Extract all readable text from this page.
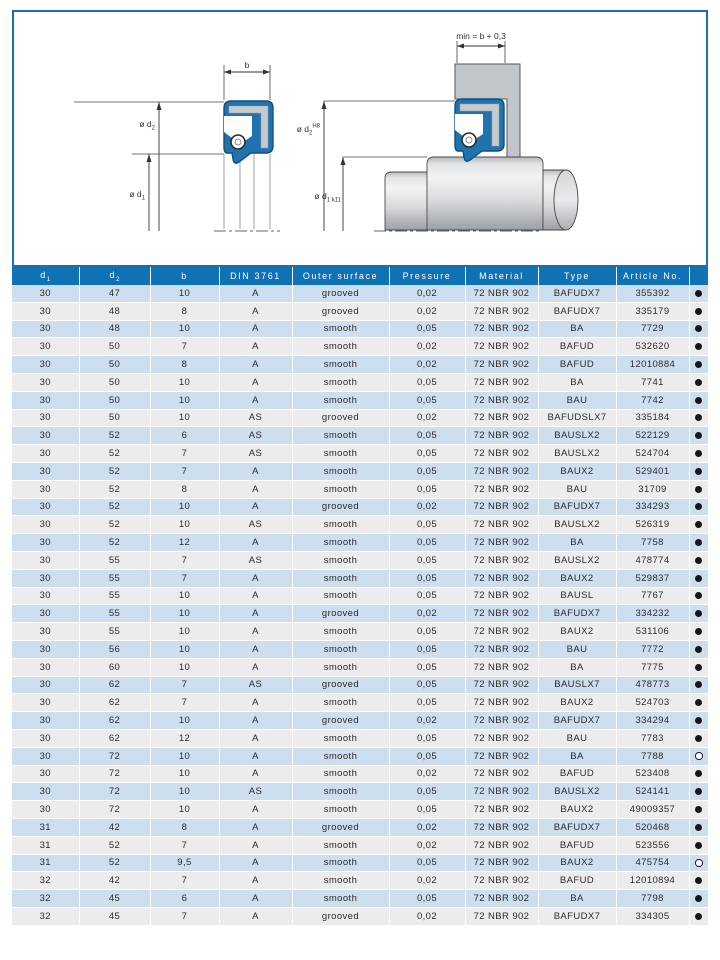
b
ø $d_2$
ø $d_1$
min = b + 0,3
ø $d_2^{H8}$
ø $d_{1 k11}$
$d_1$	$d_2$	b	DIN 3761	Outer surface	Pressure	Material	Type	Article No.	
30	47	10	A	grooved	0,02	72 NBR 902	BAFUDX7	355392	
30	48	8	A	grooved	0,02	72 NBR 902	BAFUDX7	335179	
30	48	10	A	smooth	0,05	72 NBR 902	BA	7729	
30	50	7	A	smooth	0,02	72 NBR 902	BAFUD	532620	
30	50	8	A	smooth	0,02	72 NBR 902	BAFUD	12010884	
30	50	10	A	smooth	0,05	72 NBR 902	BA	7741	
30	50	10	A	smooth	0,05	72 NBR 902	BAU	7742	
30	50	10	AS	grooved	0,02	72 NBR 902	BAFUDSLX7	335184	
30	52	6	AS	smooth	0,05	72 NBR 902	BAUSLX2	522129	
30	52	7	AS	smooth	0,05	72 NBR 902	BAUSLX2	524704	
30	52	7	A	smooth	0,05	72 NBR 902	BAUX2	529401	
30	52	8	A	smooth	0,05	72 NBR 902	BAU	31709	
30	52	10	A	grooved	0,02	72 NBR 902	BAFUDX7	334293	
30	52	10	AS	smooth	0,05	72 NBR 902	BAUSLX2	526319	
30	52	12	A	smooth	0,05	72 NBR 902	BA	7758	
30	55	7	AS	smooth	0,05	72 NBR 902	BAUSLX2	478774	
30	55	7	A	smooth	0,05	72 NBR 902	BAUX2	529837	
30	55	10	A	smooth	0,05	72 NBR 902	BAUSL	7767	
30	55	10	A	grooved	0,02	72 NBR 902	BAFUDX7	334232	
30	55	10	A	smooth	0,05	72 NBR 902	BAUX2	531106	
30	56	10	A	smooth	0,05	72 NBR 902	BAU	7772	
30	60	10	A	smooth	0,05	72 NBR 902	BA	7775	
30	62	7	AS	grooved	0,05	72 NBR 902	BAUSLX7	478773	
30	62	7	A	smooth	0,05	72 NBR 902	BAUX2	524703	
30	62	10	A	grooved	0,02	72 NBR 902	BAFUDX7	334294	
30	62	12	A	smooth	0,05	72 NBR 902	BAU	7783	
30	72	10	A	smooth	0,05	72 NBR 902	BA	7788	
30	72	10	A	smooth	0,02	72 NBR 902	BAFUD	523408	
30	72	10	AS	smooth	0,05	72 NBR 902	BAUSLX2	524141	
30	72	10	A	smooth	0,05	72 NBR 902	BAUX2	49009357	
31	42	8	A	grooved	0,02	72 NBR 902	BAFUDX7	520468	
31	52	7	A	smooth	0,02	72 NBR 902	BAFUD	523556	
31	52	9,5	A	smooth	0,05	72 NBR 902	BAUX2	475754	
32	42	7	A	smooth	0,02	72 NBR 902	BAFUD	12010894	
32	45	6	A	smooth	0,05	72 NBR 902	BA	7798	
32	45	7	A	grooved	0,02	72 NBR 902	BAFUDX7	334305	
